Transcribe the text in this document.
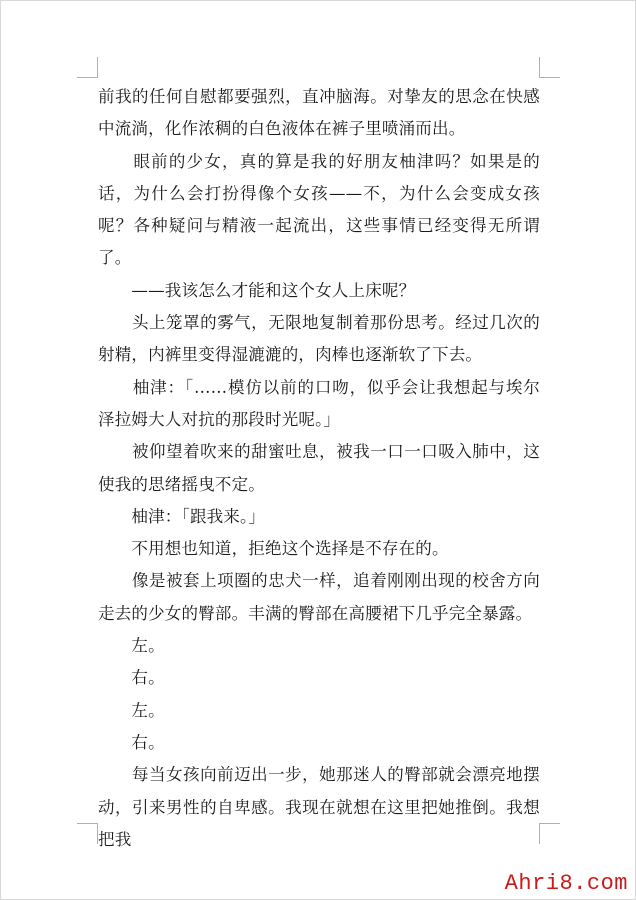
前我的任何自慰都要强烈，直冲脑海。对挚友的思念在快感中流淌，化作浓稠的白色液体在裤子里喷涌而出。

　　眼前的少女，真的算是我的好朋友柚津吗？如果是的话，为什么会打扮得像个女孩——不，为什么会变成女孩呢？各种疑问与精液一起流出，这些事情已经变得无所谓了。

　　——我该怎么才能和这个女人上床呢？

　　头上笼罩的雾气，无限地复制着那份思考。经过几次的射精，内裤里变得湿漉漉的，肉棒也逐渐软了下去。

　　柚津：「……模仿以前的口吻，似乎会让我想起与埃尔泽拉姆大人对抗的那段时光呢。」

　　被仰望着吹来的甜蜜吐息，被我一口一口吸入肺中，这使我的思绪摇曳不定。

　　柚津：「跟我来。」

　　不用想也知道，拒绝这个选择是不存在的。

　　像是被套上项圈的忠犬一样，追着刚刚出现的校舍方向走去的少女的臀部。丰满的臀部在高腰裙下几乎完全暴露。

　　左。

　　右。

　　左。

　　右。

　　每当女孩向前迈出一步，她那迷人的臀部就会漂亮地摆动，引来男性的自卑感。我现在就想在这里把她推倒。我想把我

Ahri8.com
